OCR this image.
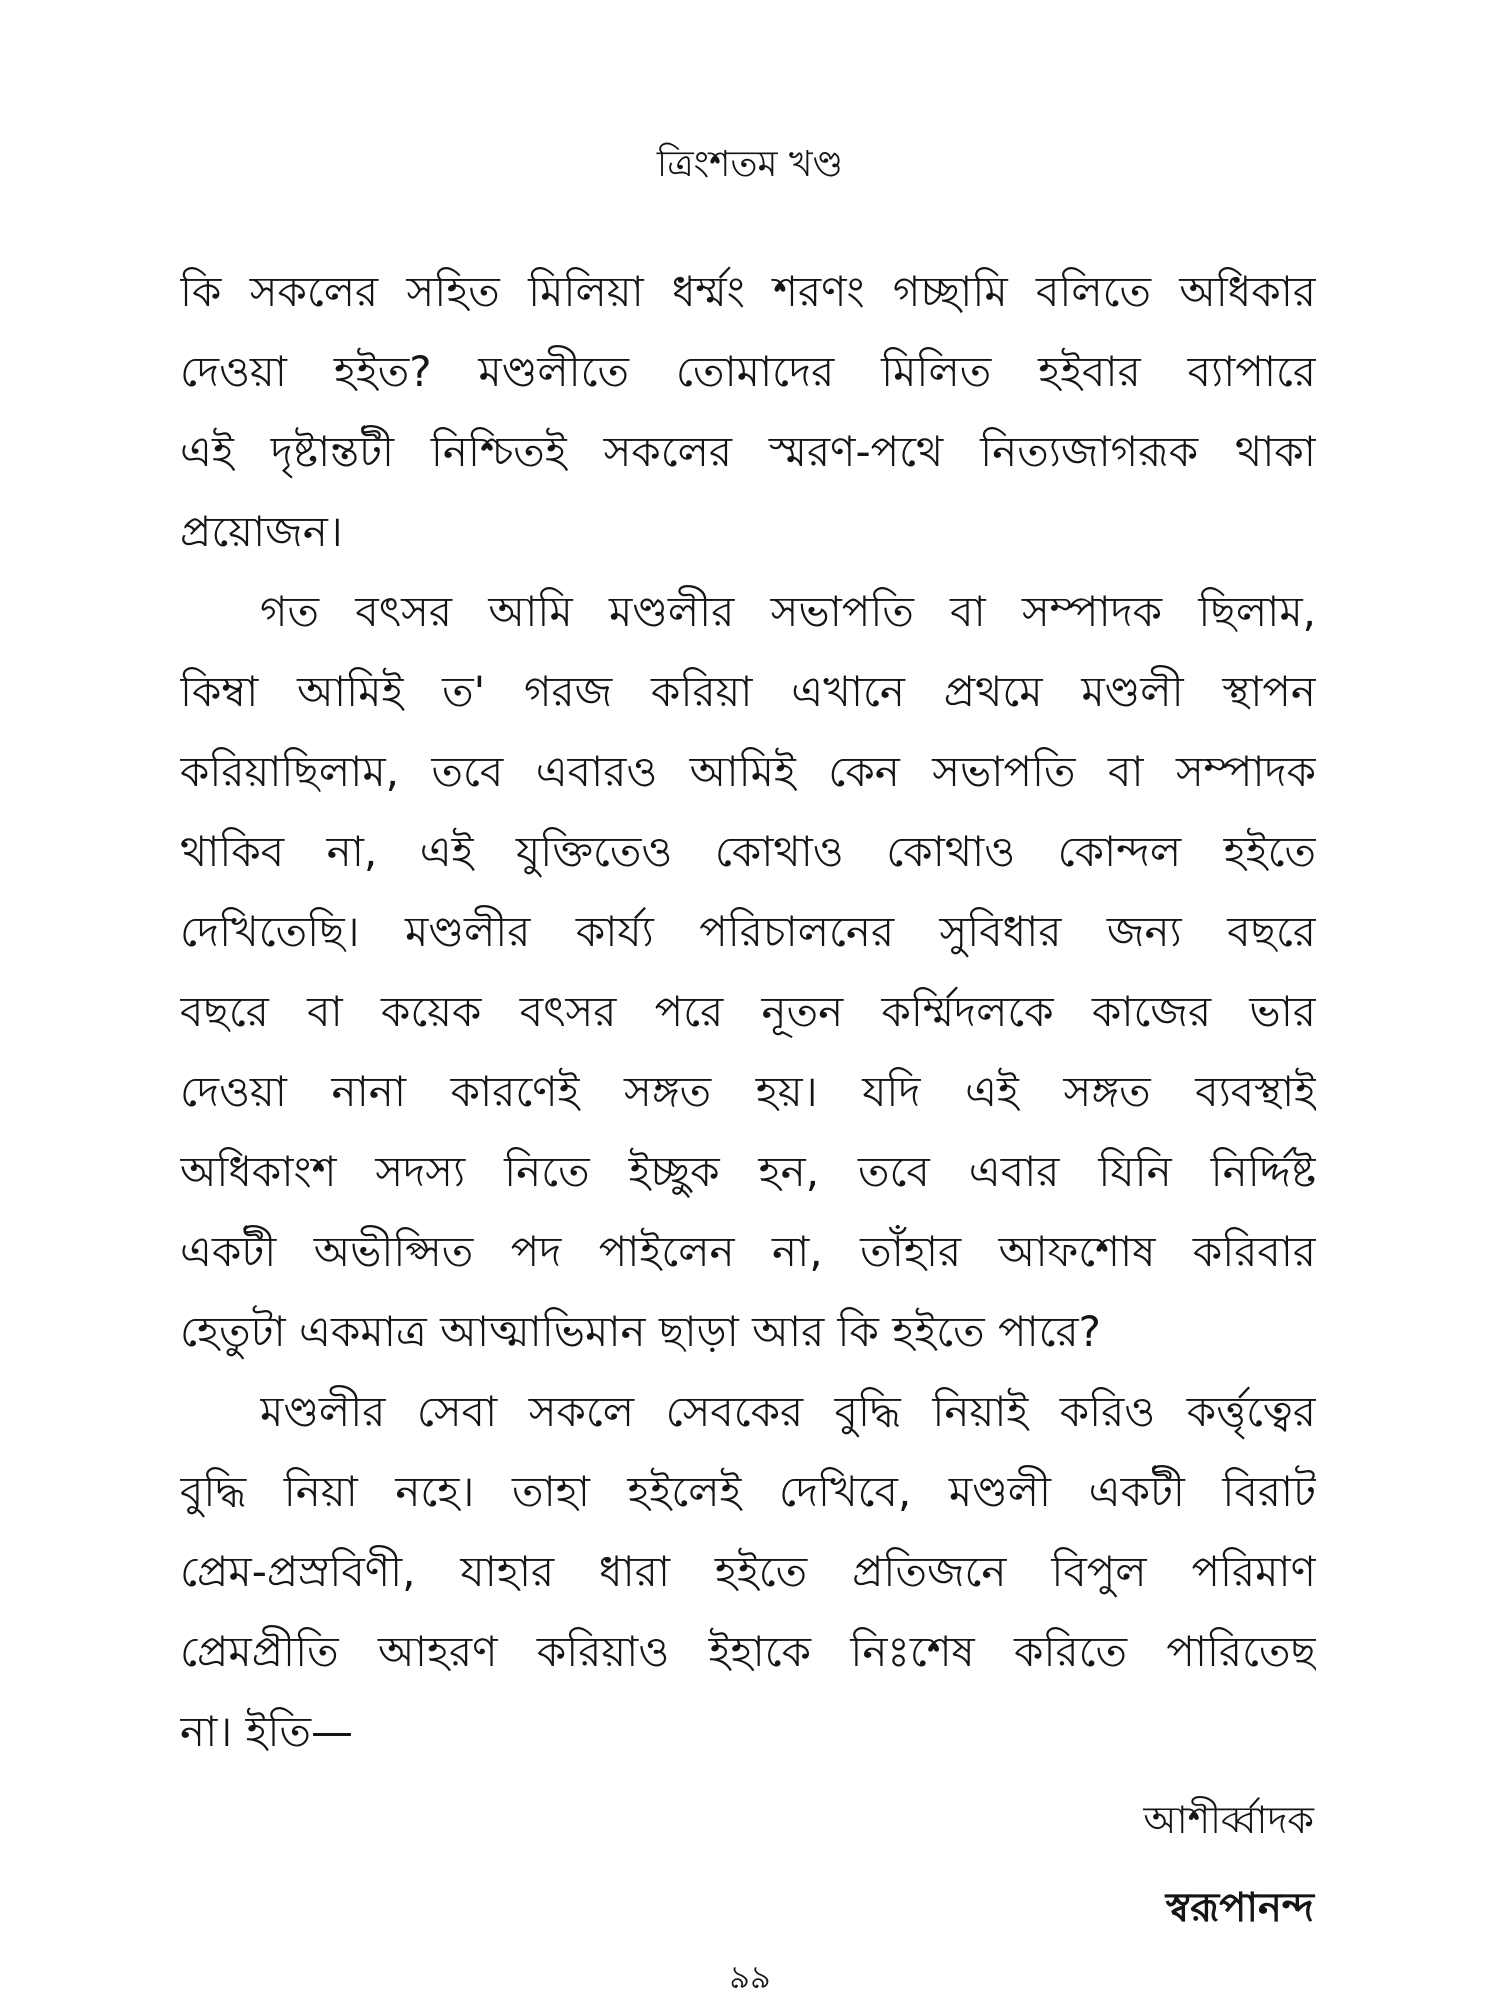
ত্রিংশতম খণ্ড
কি সকলের সহিত মিলিয়া ধর্ম্মং শরণং গচ্ছামি বলিতে অধিকার
দেওয়া হইত? মণ্ডলীতে তোমাদের মিলিত হইবার ব্যাপারে
এই দৃষ্টান্তটী নিশ্চিতই সকলের স্মরণ-পথে নিত্যজাগরূক থাকা
প্রয়োজন।
গত বৎসর আমি মণ্ডলীর সভাপতি বা সম্পাদক ছিলাম,
কিম্বা আমিই ত' গরজ করিয়া এখানে প্রথমে মণ্ডলী স্থাপন
করিয়াছিলাম, তবে এবারও আমিই কেন সভাপতি বা সম্পাদক
থাকিব না, এই যুক্তিতেও কোথাও কোথাও কোন্দল হইতে
দেখিতেছি। মণ্ডলীর কার্য্য পরিচালনের সুবিধার জন্য বছরে
বছরে বা কয়েক বৎসর পরে নূতন কর্ম্মিদলকে কাজের ভার
দেওয়া নানা কারণেই সঙ্গত হয়। যদি এই সঙ্গত ব্যবস্থাই
অধিকাংশ সদস্য নিতে ইচ্ছুক হন, তবে এবার যিনি নির্দ্দিষ্ট
একটী অভীপ্সিত পদ পাইলেন না, তাঁহার আফশোষ করিবার
হেতুটা একমাত্র আত্মাভিমান ছাড়া আর কি হইতে পারে?
মণ্ডলীর সেবা সকলে সেবকের বুদ্ধি নিয়াই করিও কর্ত্তৃত্বের
বুদ্ধি নিয়া নহে। তাহা হইলেই দেখিবে, মণ্ডলী একটী বিরাট
প্রেম-প্রস্রবিণী, যাহার ধারা হইতে প্রতিজনে বিপুল পরিমাণ
প্রেমপ্রীতি আহরণ করিয়াও ইহাকে নিঃশেষ করিতে পারিতেছ
না। ইতি—
আশীর্ব্বাদক
স্বরূপানন্দ
৯৯
